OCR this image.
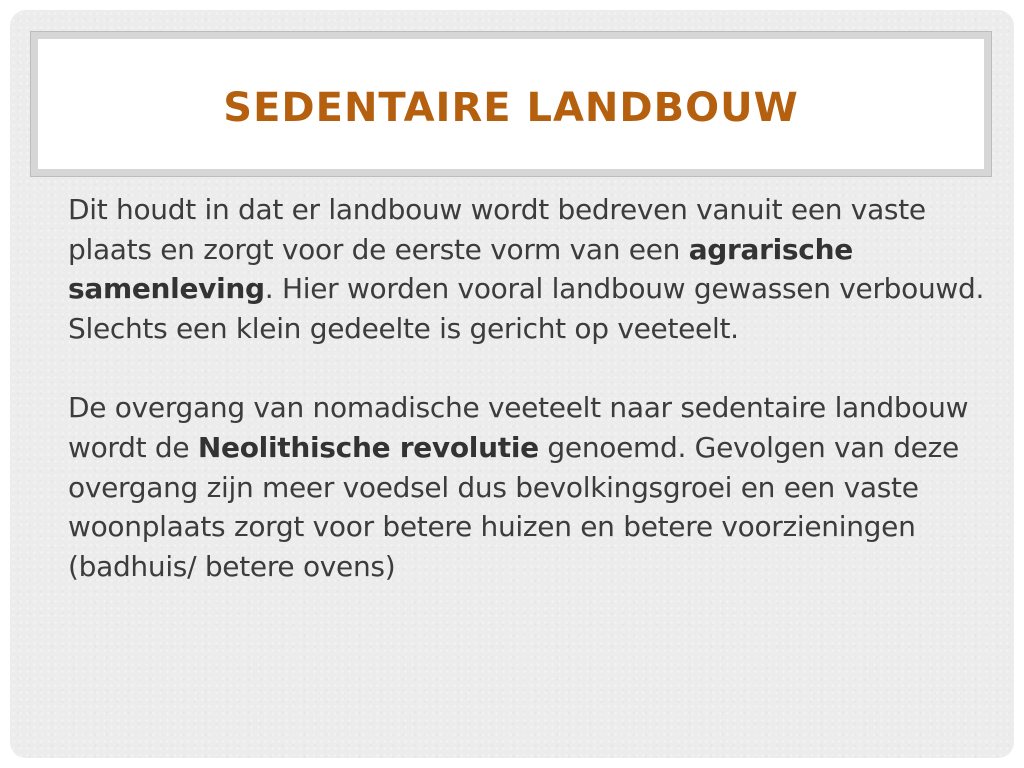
SEDENTAIRE LANDBOUW

Dit houdt in dat er landbouw wordt bedreven vanuit een vaste plaats en zorgt voor de eerste vorm van een agrarische samenleving. Hier worden vooral landbouw gewassen verbouwd. Slechts een klein gedeelte is gericht op veeteelt.

De overgang van nomadische veeteelt naar sedentaire landbouw wordt de Neolithische revolutie genoemd. Gevolgen van deze overgang zijn meer voedsel dus bevolkingsgroei en een vaste woonplaats zorgt voor betere huizen en betere voorzieningen (badhuis/ betere ovens)
